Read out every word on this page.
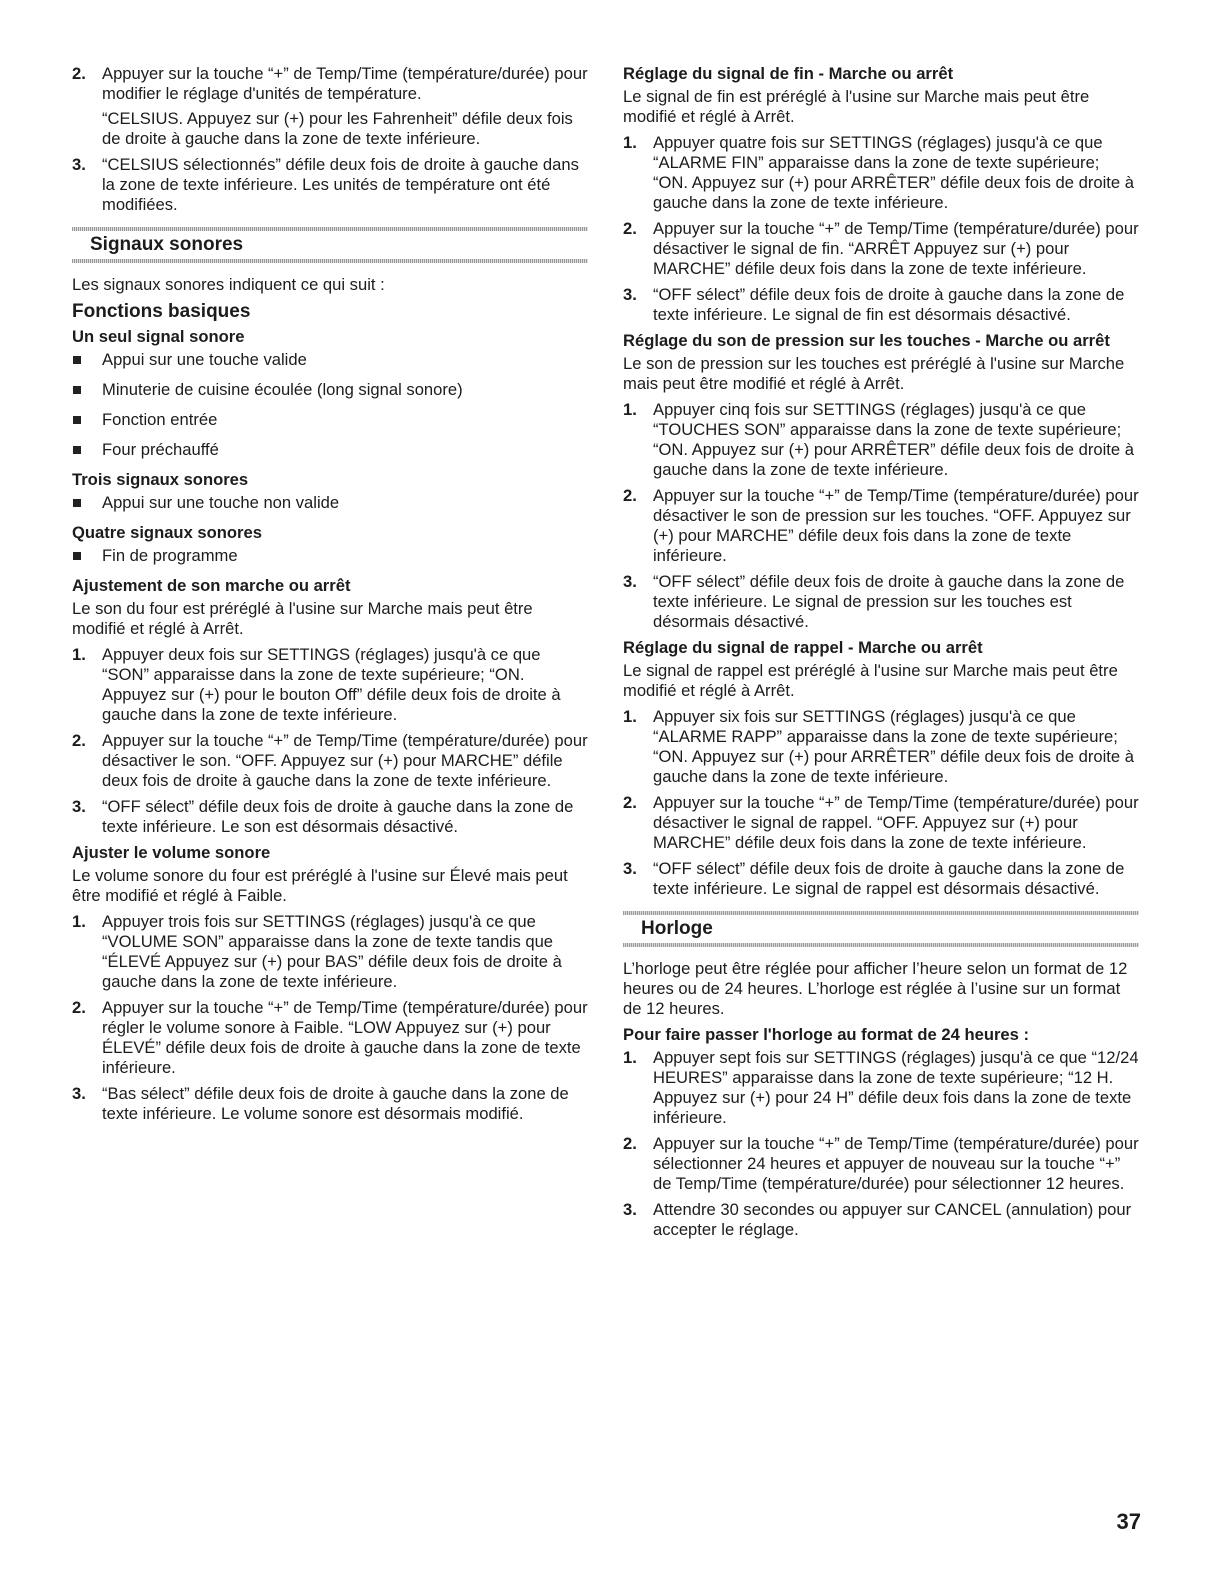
2. Appuyer sur la touche “+” de Temp/Time (température/durée) pour modifier le réglage d'unités de température.

“CELSIUS. Appuyez sur (+) pour les Fahrenheit” défile deux fois de droite à gauche dans la zone de texte inférieure.

3. “CELSIUS sélectionnés” défile deux fois de droite à gauche dans la zone de texte inférieure. Les unités de température ont été modifiées.

Signaux sonores

Les signaux sonores indiquent ce qui suit :

Fonctions basiques
Un seul signal sonore
Appui sur une touche valide
Minuterie de cuisine écoulée (long signal sonore)
Fonction entrée
Four préchauffé
Trois signaux sonores
Appui sur une touche non valide
Quatre signaux sonores
Fin de programme
Ajustement de son marche ou arrêt

Le son du four est préréglé à l'usine sur Marche mais peut être modifié et réglé à Arrêt.

1. Appuyer deux fois sur SETTINGS (réglages) jusqu'à ce que “SON” apparaisse dans la zone de texte supérieure; “ON. Appuyez sur (+) pour le bouton Off” défile deux fois de droite à gauche dans la zone de texte inférieure.
2. Appuyer sur la touche “+” de Temp/Time (température/durée) pour désactiver le son. “OFF. Appuyez sur (+) pour MARCHE” défile deux fois de droite à gauche dans la zone de texte inférieure.
3. “OFF sélect” défile deux fois de droite à gauche dans la zone de texte inférieure. Le son est désormais désactivé.
Ajuster le volume sonore

Le volume sonore du four est préréglé à l'usine sur Élevé mais peut être modifié et réglé à Faible.

1. Appuyer trois fois sur SETTINGS (réglages) jusqu'à ce que “VOLUME SON” apparaisse dans la zone de texte tandis que “ÉLEVÉ Appuyez sur (+) pour BAS” défile deux fois de droite à gauche dans la zone de texte inférieure.
2. Appuyer sur la touche “+” de Temp/Time (température/durée) pour régler le volume sonore à Faible. “LOW Appuyez sur (+) pour ÉLEVÉ” défile deux fois de droite à gauche dans la zone de texte inférieure.
3. “Bas sélect” défile deux fois de droite à gauche dans la zone de texte inférieure. Le volume sonore est désormais modifié.
Réglage du signal de fin - Marche ou arrêt

Le signal de fin est préréglé à l'usine sur Marche mais peut être modifié et réglé à Arrêt.

1. Appuyer quatre fois sur SETTINGS (réglages) jusqu'à ce que “ALARME FIN” apparaisse dans la zone de texte supérieure; “ON. Appuyez sur (+) pour ARRÊTER” défile deux fois de droite à gauche dans la zone de texte inférieure.
2. Appuyer sur la touche “+” de Temp/Time (température/durée) pour désactiver le signal de fin. “ARRÊT Appuyez sur (+) pour MARCHE” défile deux fois dans la zone de texte inférieure.
3. “OFF sélect” défile deux fois de droite à gauche dans la zone de texte inférieure. Le signal de fin est désormais désactivé.
Réglage du son de pression sur les touches - Marche ou arrêt

Le son de pression sur les touches est préréglé à l'usine sur Marche mais peut être modifié et réglé à Arrêt.

1. Appuyer cinq fois sur SETTINGS (réglages) jusqu'à ce que “TOUCHES SON” apparaisse dans la zone de texte supérieure; “ON. Appuyez sur (+) pour ARRÊTER” défile deux fois de droite à gauche dans la zone de texte inférieure.
2. Appuyer sur la touche “+” de Temp/Time (température/durée) pour désactiver le son de pression sur les touches. “OFF. Appuyez sur (+) pour MARCHE” défile deux fois dans la zone de texte inférieure.
3. “OFF sélect” défile deux fois de droite à gauche dans la zone de texte inférieure. Le signal de pression sur les touches est désormais désactivé.
Réglage du signal de rappel - Marche ou arrêt

Le signal de rappel est préréglé à l'usine sur Marche mais peut être modifié et réglé à Arrêt.

1. Appuyer six fois sur SETTINGS (réglages) jusqu'à ce que “ALARME RAPP” apparaisse dans la zone de texte supérieure; “ON. Appuyez sur (+) pour ARRÊTER” défile deux fois de droite à gauche dans la zone de texte inférieure.
2. Appuyer sur la touche “+” de Temp/Time (température/durée) pour désactiver le signal de rappel. “OFF. Appuyez sur (+) pour MARCHE” défile deux fois dans la zone de texte inférieure.
3. “OFF sélect” défile deux fois de droite à gauche dans la zone de texte inférieure. Le signal de rappel est désormais désactivé.
Horloge

L’horloge peut être réglée pour afficher l’heure selon un format de 12 heures ou de 24 heures. L’horloge est réglée à l’usine sur un format de 12 heures.

Pour faire passer l'horloge au format de 24 heures :
1. Appuyer sept fois sur SETTINGS (réglages) jusqu'à ce que “12/24 HEURES” apparaisse dans la zone de texte supérieure; “12 H. Appuyez sur (+) pour 24 H” défile deux fois dans la zone de texte inférieure.
2. Appuyer sur la touche “+” de Temp/Time (température/durée) pour sélectionner 24 heures et appuyer de nouveau sur la touche “+” de Temp/Time (température/durée) pour sélectionner 12 heures.
3. Attendre 30 secondes ou appuyer sur CANCEL (annulation) pour accepter le réglage.
37
